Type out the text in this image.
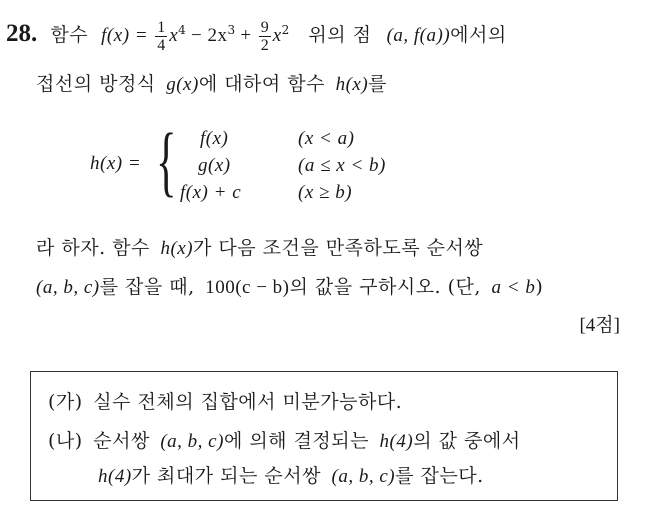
28. 함수 $f(x) = \frac{1}{4} x^4 - 2x^3 + \frac{9}{2} x^2$ 위의 점 (a, f(a))에서의
접선의 방정식 g(x)에 대하여 함수 h(x)를
h(x) = { f(x)	(x < a)
g(x)	(a ≤ x < b)
f(x) + c	(x ≥ b)
라 하자. 함수 h(x)가 다음 조건을 만족하도록 순서쌍
(a, b, c)를 잡을 때, 100(c − b)의 값을 구하시오. (단, a < b)
[4점]
(가) 실수 전체의 집합에서 미분가능하다.
(나) 순서쌍 (a, b, c)에 의해 결정되는 h(4)의 값 중에서
h(4)가 최대가 되는 순서쌍 (a, b, c)를 잡는다.
